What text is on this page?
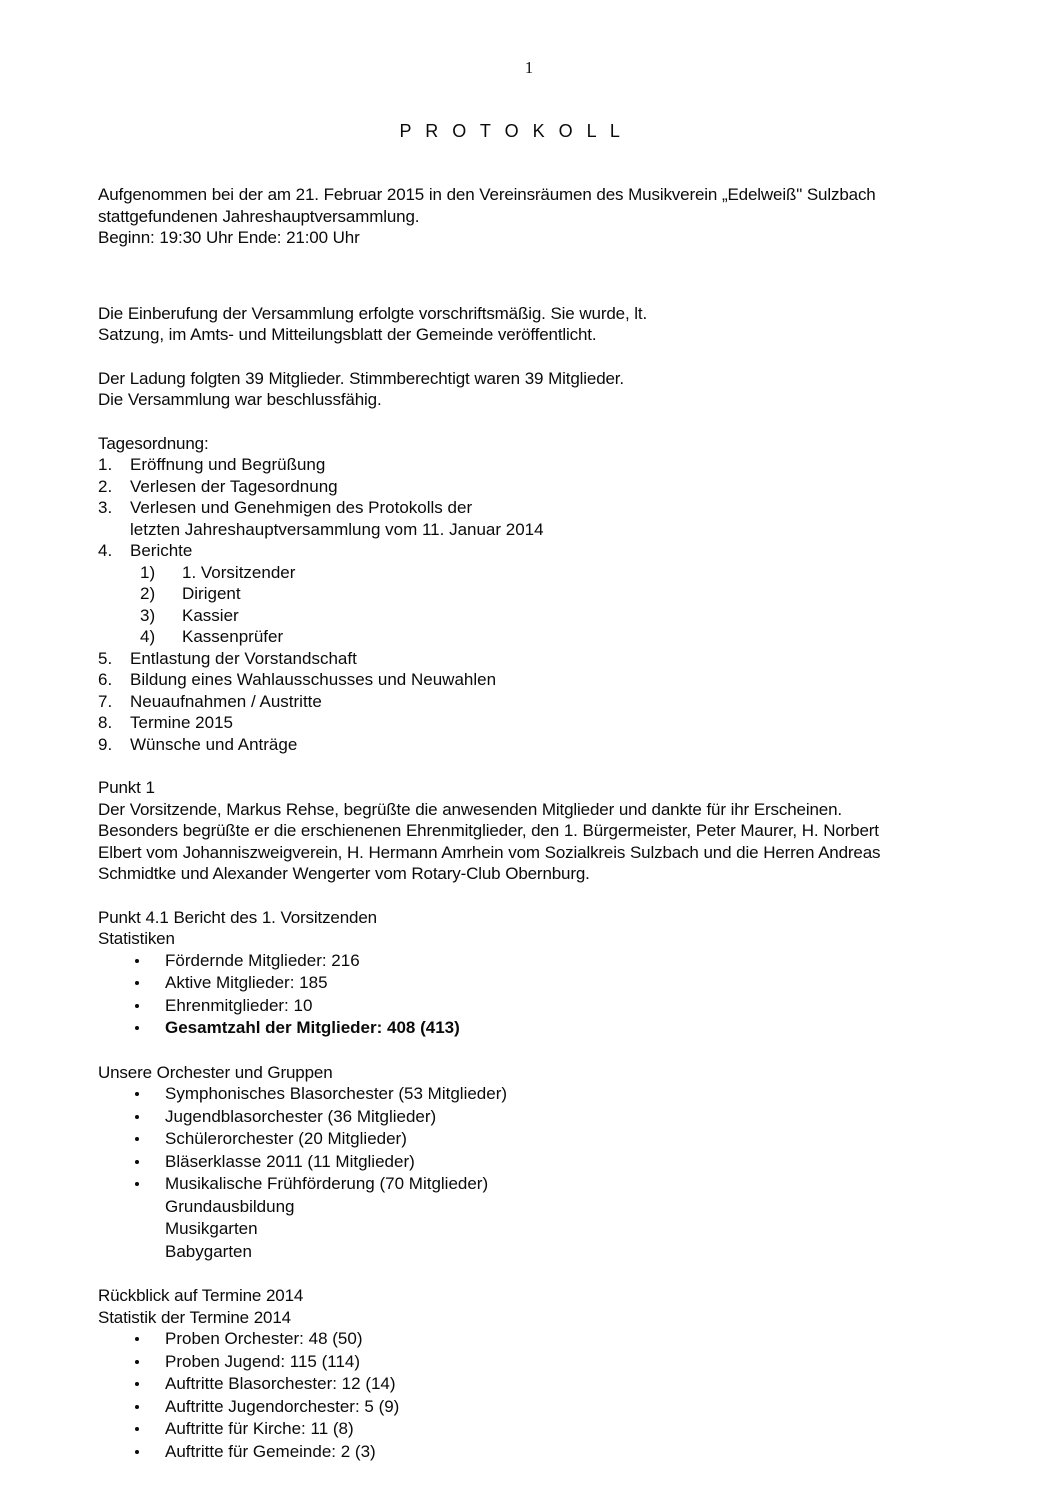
1
P R O T O K O L L

Aufgenommen bei der am 21. Februar 2015 in den Vereinsräumen des Musikverein „Edelweiß" Sulzbach

stattgefundenen Jahreshauptversammlung.

Beginn: 19:30 Uhr Ende: 21:00 Uhr

Die Einberufung der Versammlung erfolgte vorschriftsmäßig. Sie wurde, lt.

Satzung, im Amts- und Mitteilungsblatt der Gemeinde veröffentlicht.

Der Ladung folgten 39 Mitglieder. Stimmberechtigt waren 39 Mitglieder.

Die Versammlung war beschlussfähig.

Tagesordnung:

1.	Eröffnung und Begrüßung
2.	Verlesen der Tagesordnung
3.	Verlesen und Genehmigen des Protokolls der
letzten Jahreshauptversammlung vom 11. Januar 2014
4.	Berichte
1)	1. Vorsitzender
2)	Dirigent
3)	Kassier
4)	Kassenprüfer
5.	Entlastung der Vorstandschaft
6.	Bildung eines Wahlausschusses und Neuwahlen
7.	Neuaufnahmen / Austritte
8.	Termine 2015
9.	Wünsche und Anträge

Punkt 1

Der Vorsitzende, Markus Rehse, begrüßte die anwesenden Mitglieder und dankte für ihr Erscheinen.

Besonders begrüßte er die erschienenen Ehrenmitglieder, den 1. Bürgermeister, Peter Maurer, H. Norbert

Elbert vom Johanniszweigverein, H. Hermann Amrhein vom Sozialkreis Sulzbach und die Herren Andreas

Schmidtke und Alexander Wengerter vom Rotary-Club Obernburg.

Punkt 4.1 Bericht des 1. Vorsitzenden

Statistiken

Fördernde Mitglieder: 216
Aktive Mitglieder: 185
Ehrenmitglieder: 10
Gesamtzahl der Mitglieder: 408 (413)

Unsere Orchester und Gruppen

Symphonisches Blasorchester (53 Mitglieder)
Jugendblasorchester (36 Mitglieder)
Schülerorchester (20 Mitglieder)
Bläserklasse 2011 (11 Mitglieder)
Musikalische Frühförderung (70 Mitglieder)
Grundausbildung
Musikgarten
Babygarten

Rückblick auf Termine 2014

Statistik der Termine 2014

Proben Orchester: 48 (50)
Proben Jugend: 115 (114)
Auftritte Blasorchester: 12 (14)
Auftritte Jugendorchester: 5 (9)
Auftritte für Kirche: 11 (8)
Auftritte für Gemeinde: 2 (3)
